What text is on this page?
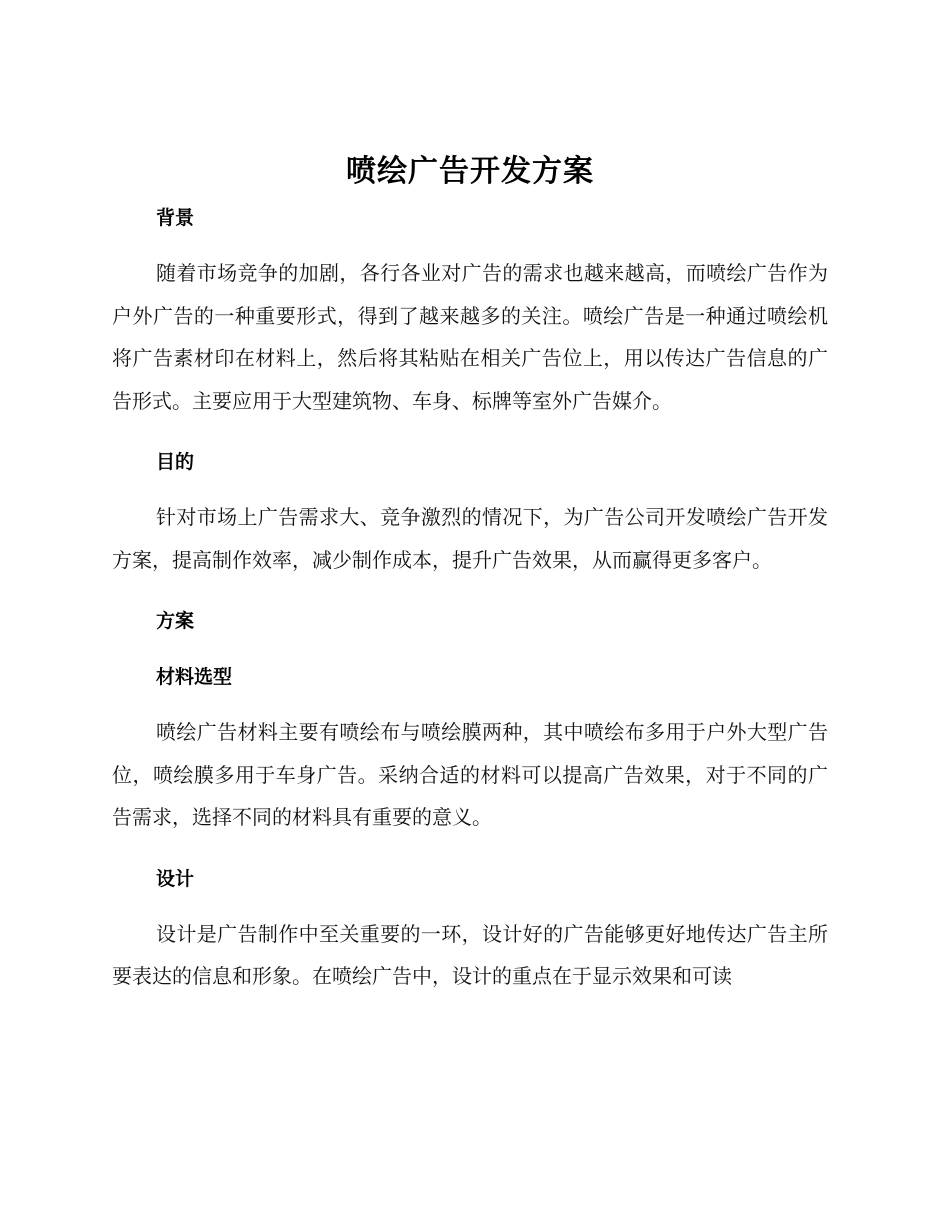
喷绘广告开发方案
背景

随着市场竞争的加剧，各行各业对广告的需求也越来越高，而喷绘广告作为户外广告的一种重要形式，得到了越来越多的关注。喷绘广告是一种通过喷绘机将广告素材印在材料上，然后将其粘贴在相关广告位上，用以传达广告信息的广告形式。主要应用于大型建筑物、车身、标牌等室外广告媒介。

目的

针对市场上广告需求大、竞争激烈的情况下，为广告公司开发喷绘广告开发方案，提高制作效率，减少制作成本，提升广告效果，从而赢得更多客户。

方案
材料选型

喷绘广告材料主要有喷绘布与喷绘膜两种，其中喷绘布多用于户外大型广告位，喷绘膜多用于车身广告。采纳合适的材料可以提高广告效果，对于不同的广告需求，选择不同的材料具有重要的意义。

设计

设计是广告制作中至关重要的一环，设计好的广告能够更好地传达广告主所要表达的信息和形象。在喷绘广告中，设计的重点在于显示效果和可读
